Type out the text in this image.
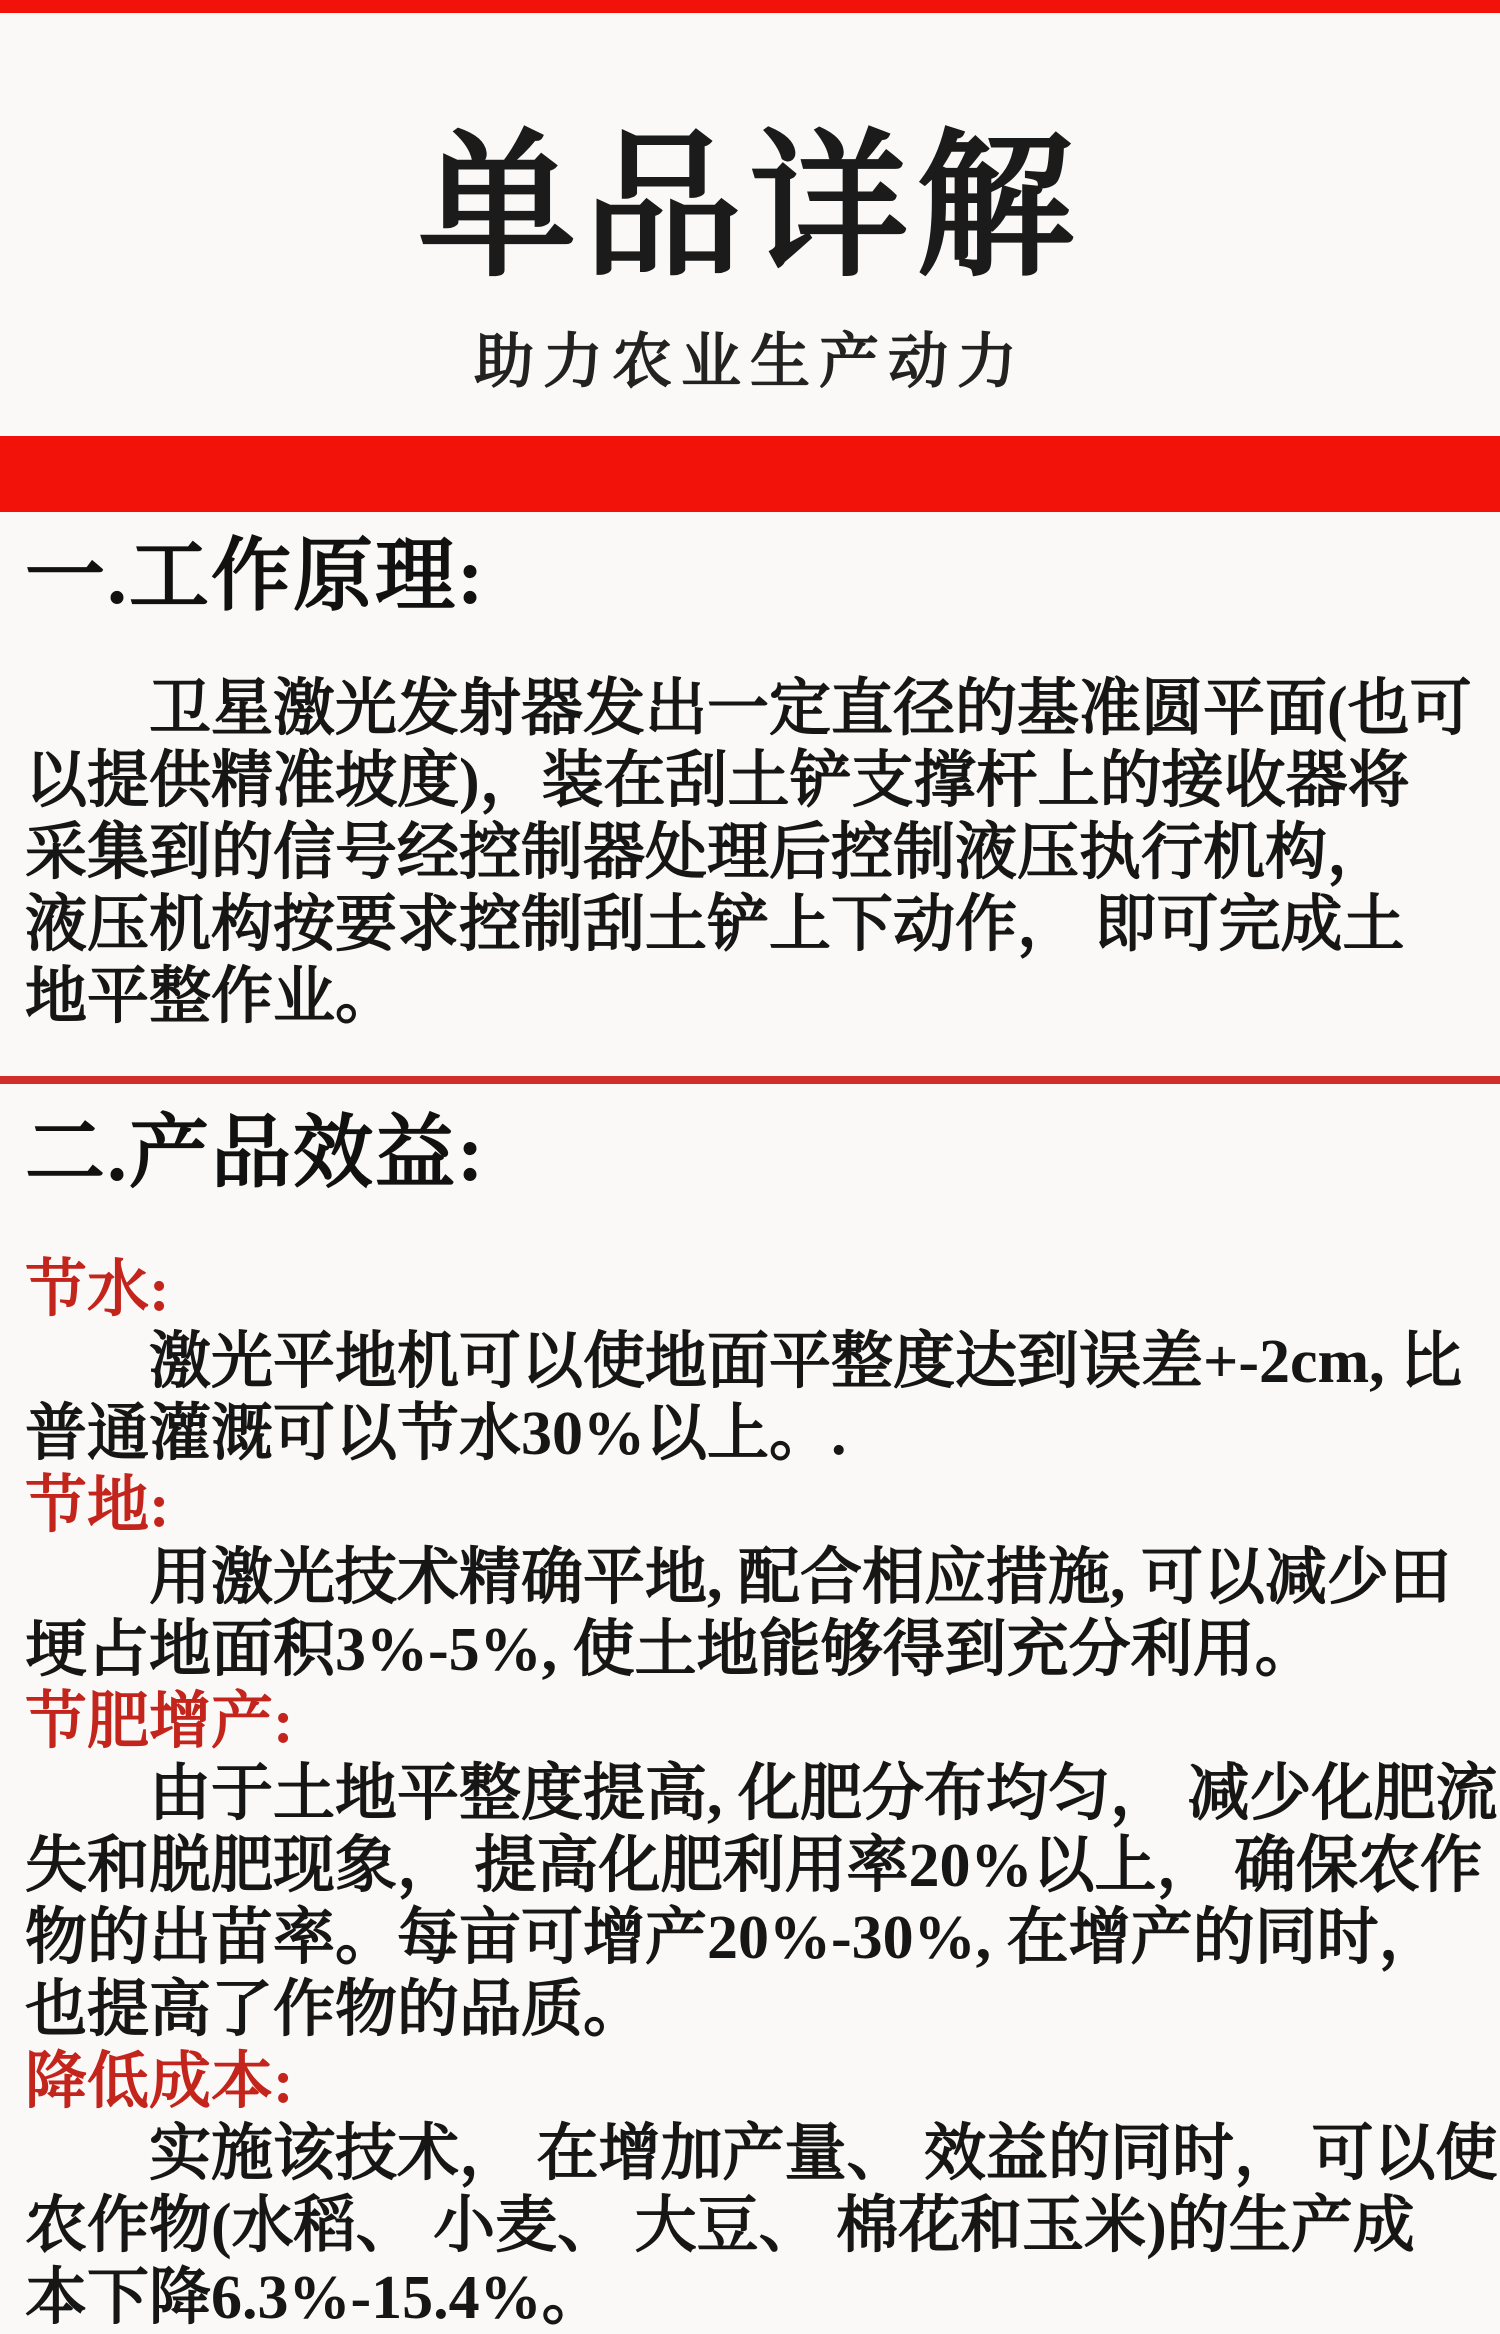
单品详解
助力农业生产动力
一.工作原理:
卫星激光发射器发出一定直径的基准圆平面(也可
以提供精准坡度)，装在刮土铲支撑杆上的接收器将
采集到的信号经控制器处理后控制液压执行机构，
液压机构按要求控制刮土铲上下动作， 即可完成土
地平整作业。
二.产品效益:
节水:
激光平地机可以使地面平整度达到误差+-2cm, 比
普通灌溉可以节水30%以上。.
节地:
用激光技术精确平地, 配合相应措施, 可以减少田
埂占地面积3%-5%, 使土地能够得到充分利用。
节肥增产:
由于土地平整度提高, 化肥分布均匀， 减少化肥流
失和脱肥现象， 提高化肥利用率20%以上， 确保农作
物的出苗率。每亩可增产20%-30%, 在增产的同时，
也提高了作物的品质。
降低成本:
实施该技术， 在增加产量、 效益的同时， 可以使
农作物(水稻、 小麦、 大豆、 棉花和玉米)的生产成
本下降6.3%-15.4%。
